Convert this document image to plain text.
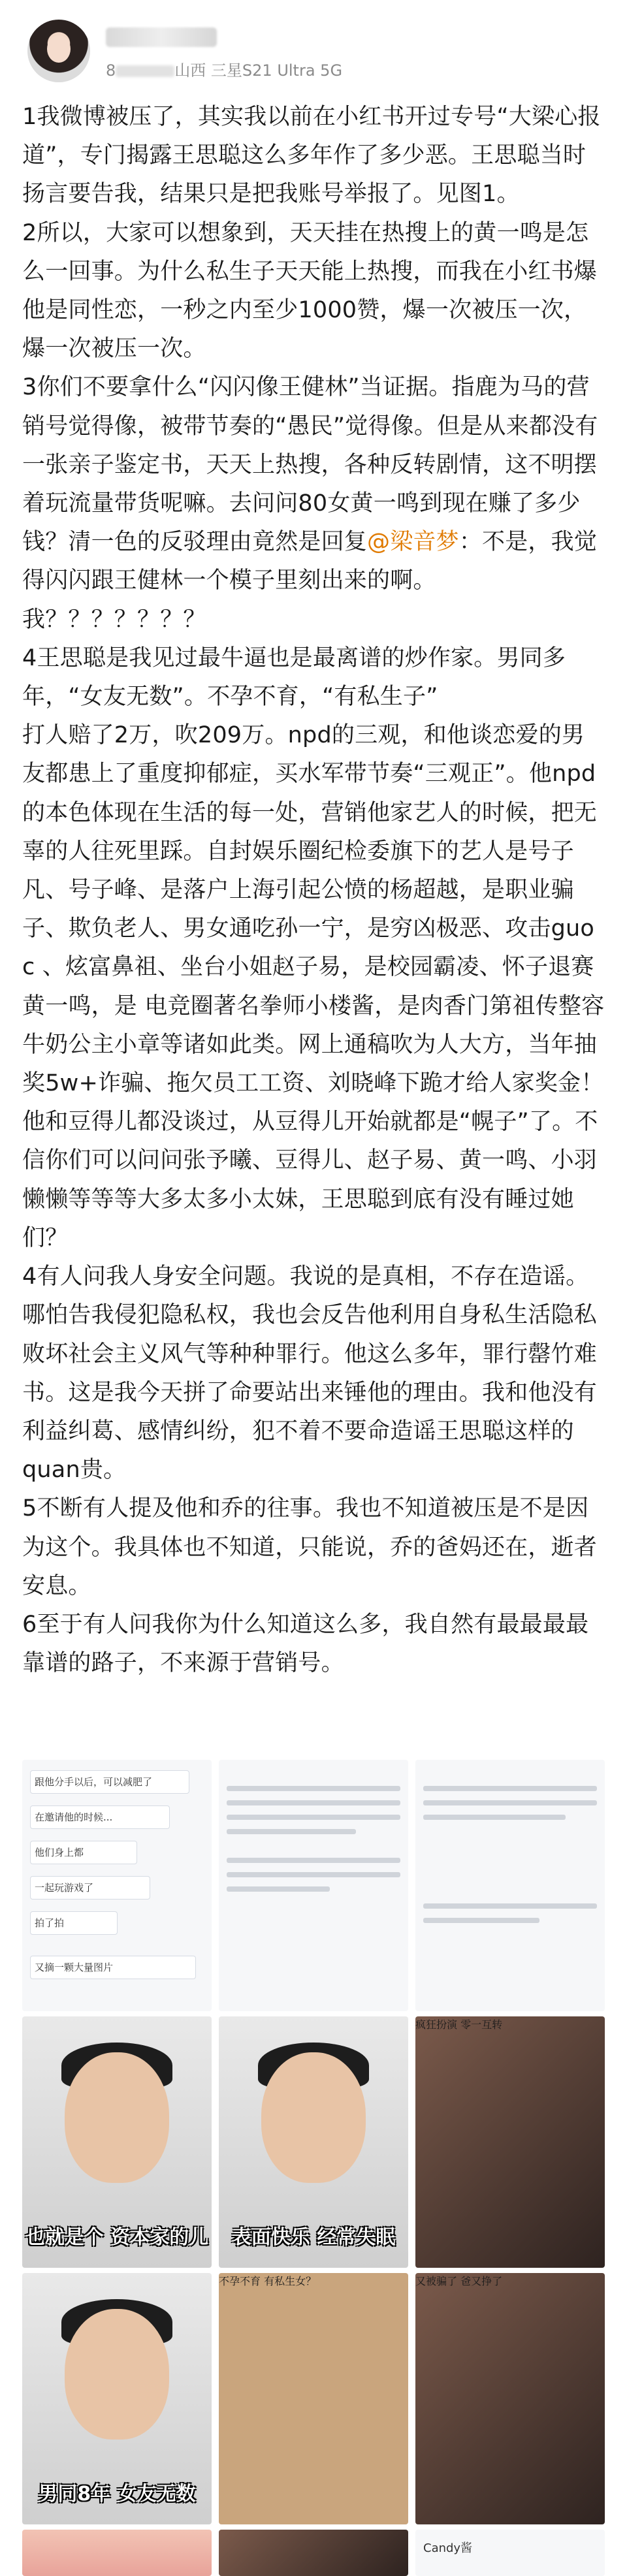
8	山西 三星S21 Ultra 5G

1我微博被压了，其实我以前在小红书开过专号“大梁心报道”，专门揭露王思聪这么多年作了多少恶。王思聪当时扬言要告我，结果只是把我账号举报了。见图1。

2所以，大家可以想象到，天天挂在热搜上的黄一鸣是怎么一回事。为什么私生子天天能上热搜，而我在小红书爆他是同性恋，一秒之内至少1000赞，爆一次被压一次，爆一次被压一次。

3你们不要拿什么“闪闪像王健林”当证据。指鹿为马的营销号觉得像，被带节奏的“愚民”觉得像。但是从来都没有一张亲子鉴定书，天天上热搜，各种反转剧情，这不明摆着玩流量带货呢嘛。去问问80女黄一鸣到现在赚了多少钱？清一色的反驳理由竟然是回复@梁音梦：不是，我觉得闪闪跟王健林一个模子里刻出来的啊。我？？？？？？？

4王思聪是我见过最牛逼也是最离谱的炒作家。男同多年，“女友无数”。不孕不育，“有私生子”

打人赔了2万，吹209万。npd的三观，和他谈恋爱的男友都患上了重度抑郁症，买水军带节奏“三观正”。他npd的本色体现在生活的每一处，营销他家艺人的时候，把无辜的人往死里踩。自封娱乐圈纪检委旗下的艺人是号子凡、号子峰、是落户上海引起公愤的杨超越，是职业骗子、欺负老人、男女通吃孙一宁，是穷凶极恶、攻击guo c 、炫富鼻祖、坐台小姐赵子易，是校园霸凌、怀子退赛黄一鸣，是 电竞圈著名拳师小楼酱，是肉香门第祖传整容牛奶公主小章等诸如此类。网上通稿吹为人大方，当年抽奖5w+诈骗、拖欠员工工资、刘晓峰下跪才给人家奖金！他和豆得儿都没谈过，从豆得儿开始就都是“幌子”了。不信你们可以问问张予曦、豆得儿、赵子易、黄一鸣、小羽懒懒等等等大多太多小太妹，王思聪到底有没有睡过她们？

4有人问我人身安全问题。我说的是真相，不存在造谣。哪怕告我侵犯隐私权，我也会反告他利用自身私生活隐私败坏社会主义风气等种种罪行。他这么多年，罪行罄竹难书。这是我今天拼了命要站出来锤他的理由。我和他没有利益纠葛、感情纠纷，犯不着不要命造谣王思聪这样的quan贵。

5不断有人提及他和乔的往事。我也不知道被压是不是因为这个。我具体也不知道，只能说，乔的爸妈还在，逝者安息。

6至于有人问我你为什么知道这么多，我自然有最最最最靠谱的路子，不来源于营销号。

跟他分手以后，可以减肥了
在邀请他的时候...
他们身上都
一起玩游戏了
拍了拍
又摘一颗大量图片
也就是个 资本家的儿	表面快乐 经常失眠
疯狂扮演 零一互转
男同8年 女友无数
不孕不育 有私生女？	又被骗了 爸又挣了
Candy酱
